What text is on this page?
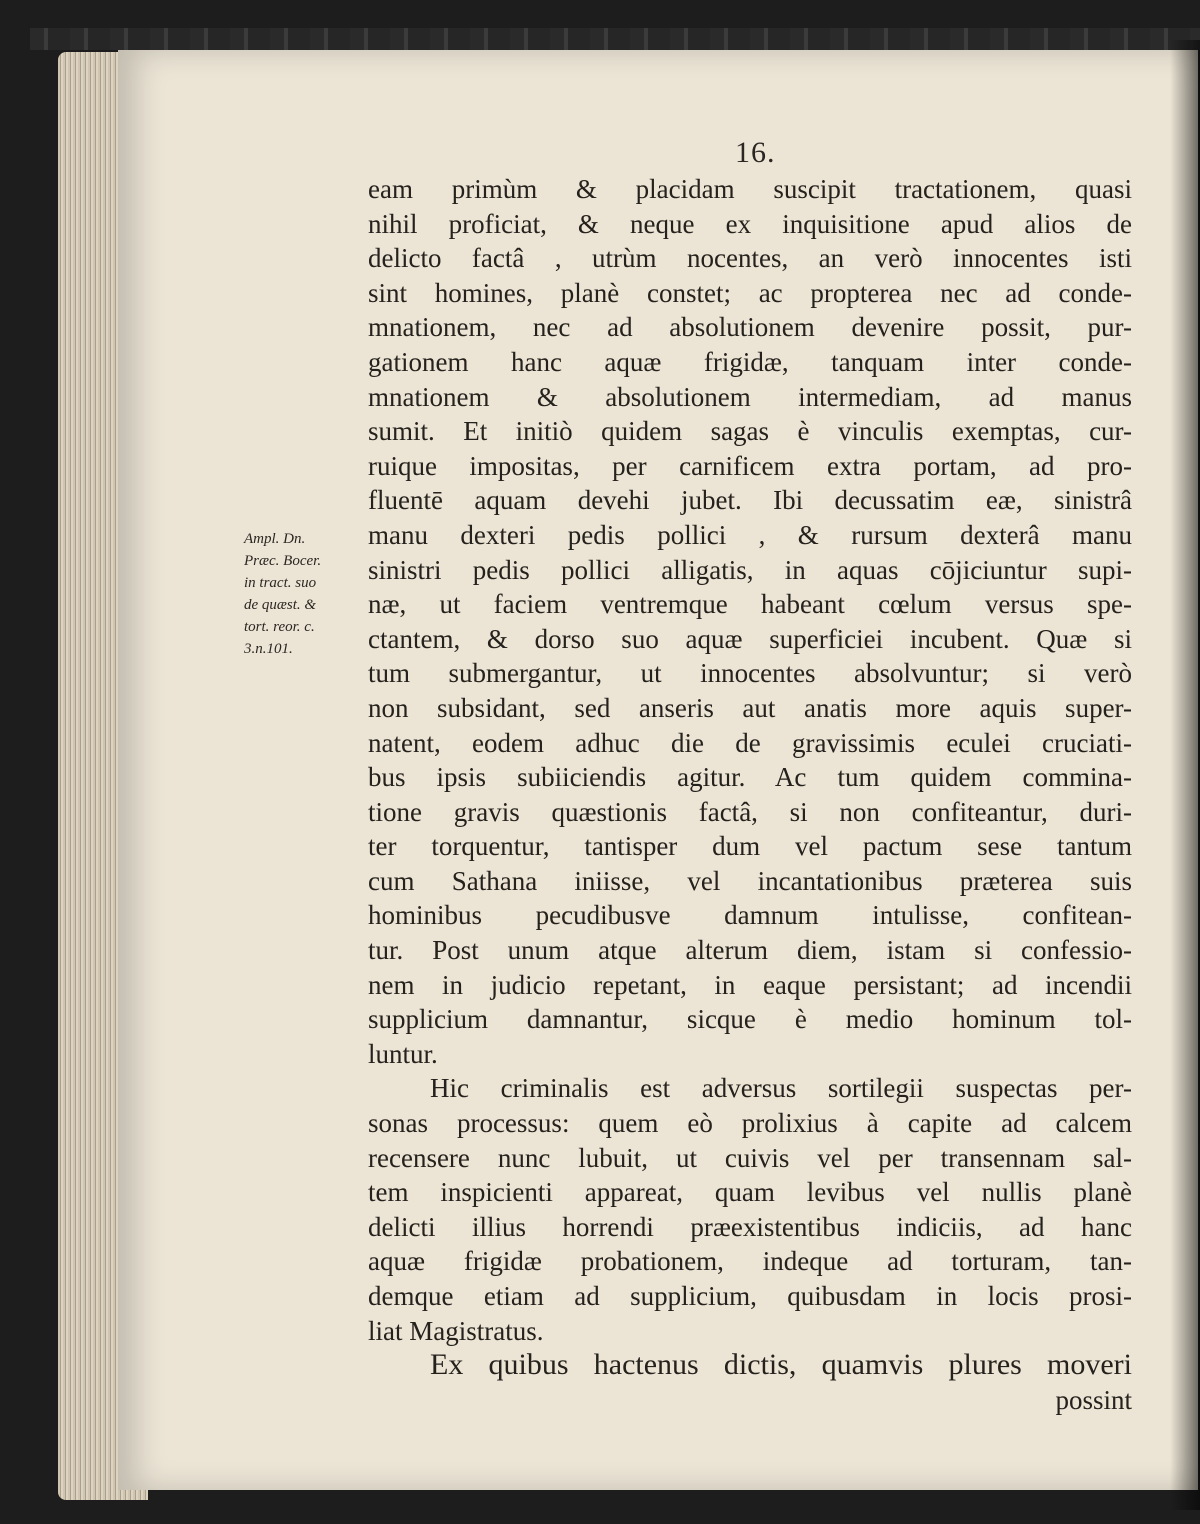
16.
Ampl. Dn.
Præc. Bocer.
in tract. suo
de quæst. &
tort. reor. c.
3.n.101.
eam primùm & placidam suscipit tractationem, quasi
nihil proficiat, & neque ex inquisitione apud alios de
delicto factâ , utrùm nocentes, an verò innocentes isti
sint homines, planè constet; ac propterea nec ad conde-
mnationem, nec ad absolutionem devenire possit, pur-
gationem hanc aquæ frigidæ, tanquam inter conde-
mnationem & absolutionem intermediam, ad manus
sumit. Et initiò quidem sagas è vinculis exemptas, cur-
ruique impositas, per carnificem extra portam, ad pro-
fluentē aquam devehi jubet. Ibi decussatim eæ, sinistrâ
manu dexteri pedis pollici , & rursum dexterâ manu
sinistri pedis pollici alligatis, in aquas cōjiciuntur supi-
næ, ut faciem ventremque habeant cœlum versus spe-
ctantem, & dorso suo aquæ superficiei incubent. Quæ si
tum submergantur, ut innocentes absolvuntur; si verò
non subsidant, sed anseris aut anatis more aquis super-
natent, eodem adhuc die de gravissimis eculei cruciati-
bus ipsis subiiciendis agitur. Ac tum quidem commina-
tione gravis quæstionis factâ, si non confiteantur, duri-
ter torquentur, tantisper dum vel pactum sese tantum
cum Sathana iniisse, vel incantationibus præterea suis
hominibus pecudibusve damnum intulisse, confitean-
tur. Post unum atque alterum diem, istam si confessio-
nem in judicio repetant, in eaque persistant; ad incendii
supplicium damnantur, sicque è medio hominum tol-
luntur.
Hic criminalis est adversus sortilegii suspectas per-
sonas processus: quem eò prolixius à capite ad calcem
recensere nunc lubuit, ut cuivis vel per transennam sal-
tem inspicienti appareat, quam levibus vel nullis planè
delicti illius horrendi præexistentibus indiciis, ad hanc
aquæ frigidæ probationem, indeque ad torturam, tan-
demque etiam ad supplicium, quibusdam in locis prosi-
liat Magistratus.
Ex quibus hactenus dictis, quamvis plures moveri
possint
